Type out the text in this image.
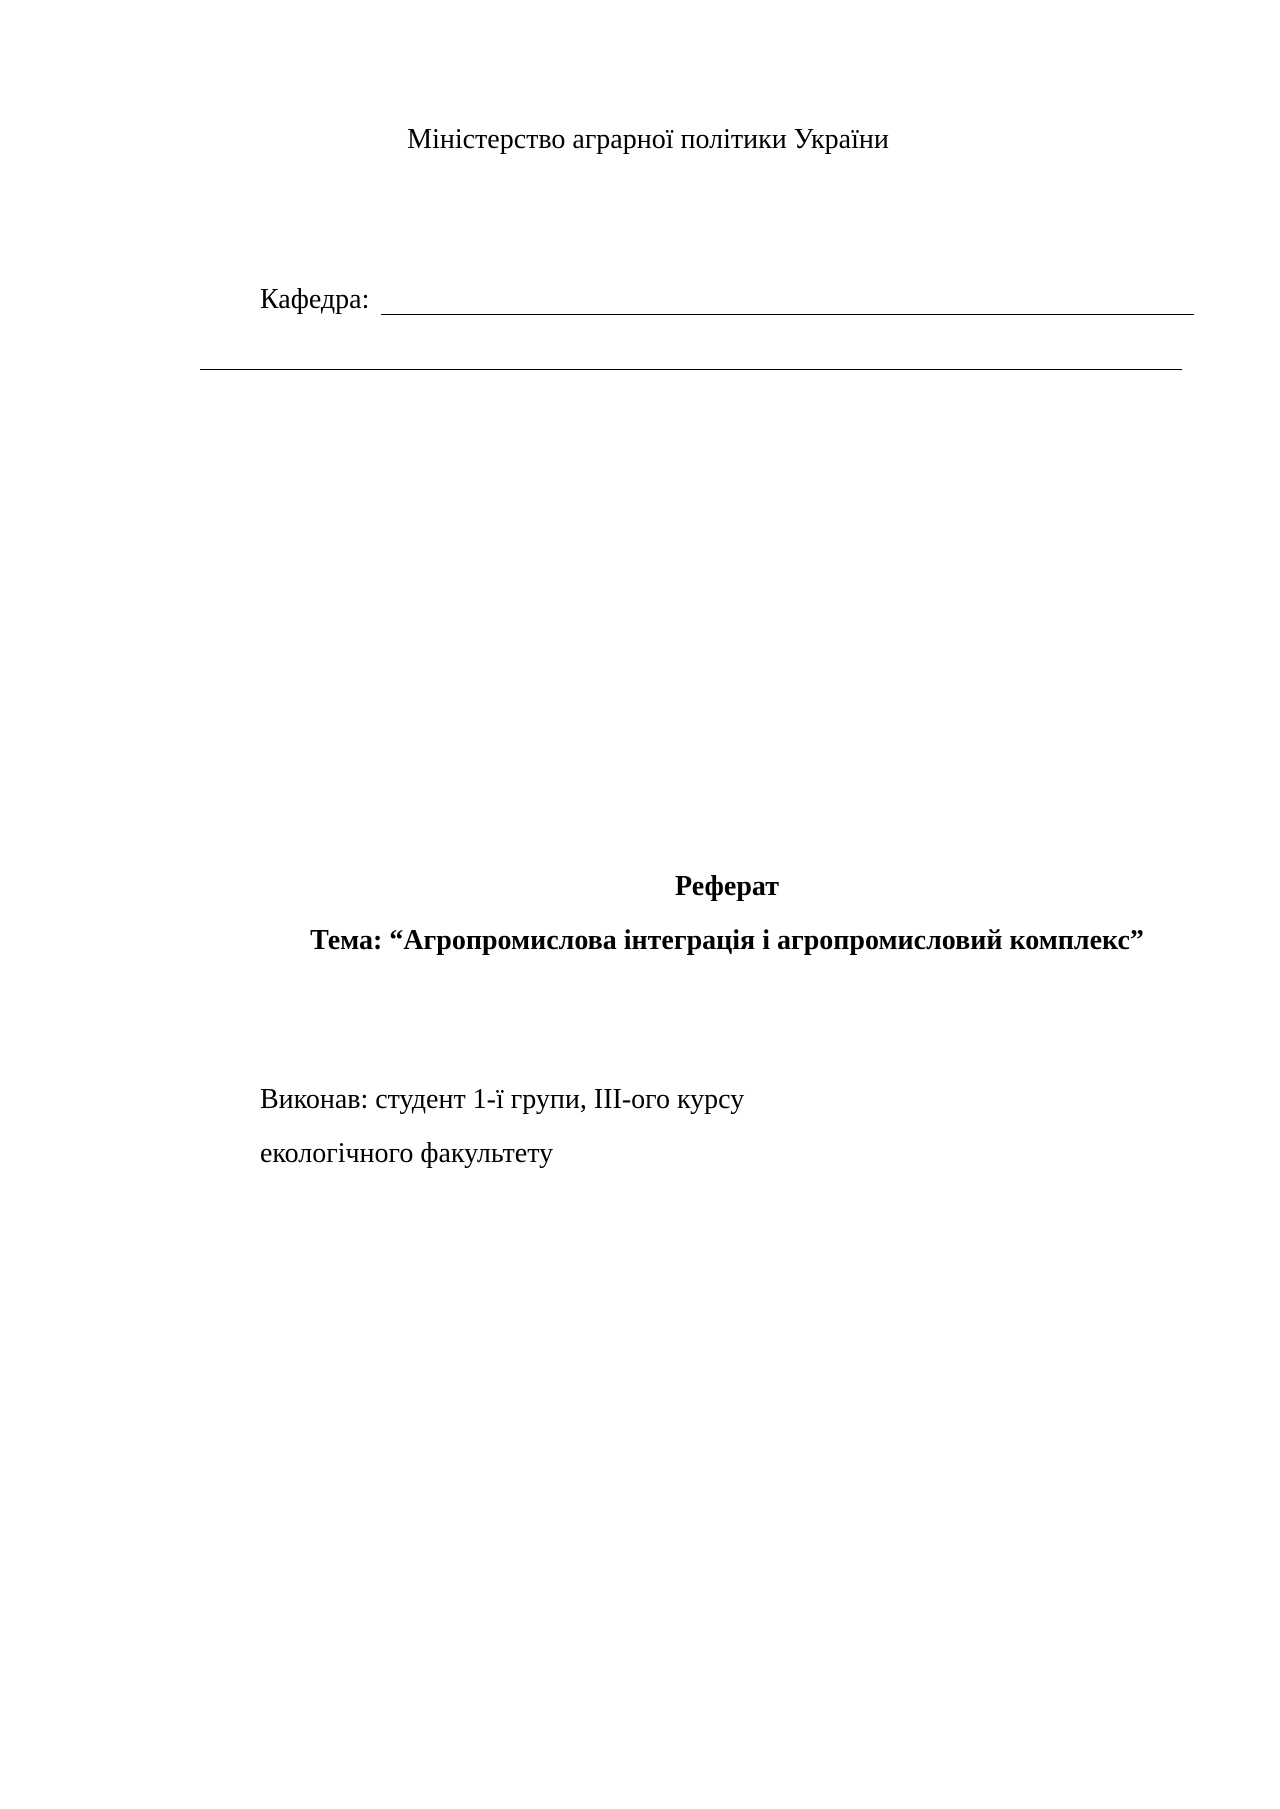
Міністерство аграрної політики України
Кафедра:
Реферат
Тема: “Агропромислова інтеграція і агропромисловий комплекс”
Виконав: студент 1-ї групи, ІІІ-ого курсу
екологічного факультету
